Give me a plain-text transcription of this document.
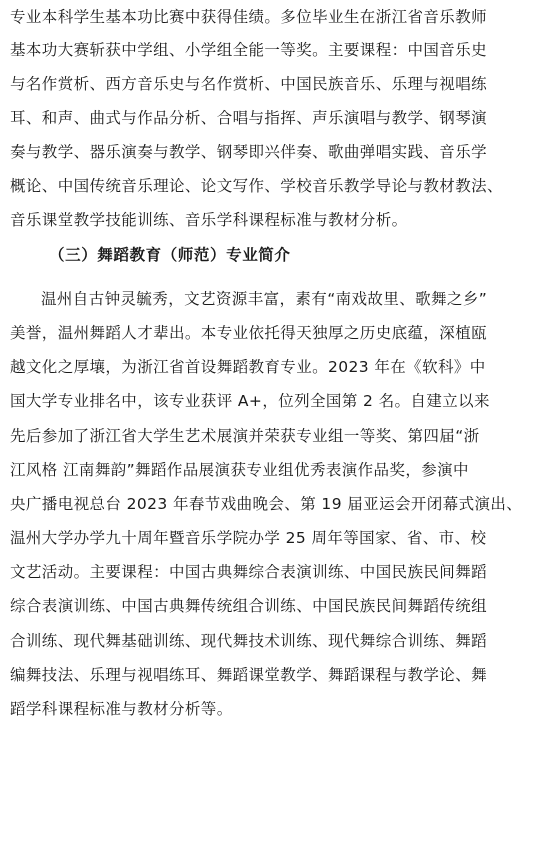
专业本科学生基本功比赛中获得佳绩。多位毕业生在浙江省音乐教师
基本功大赛斩获中学组、小学组全能一等奖。主要课程：中国音乐史
与名作赏析、西方音乐史与名作赏析、中国民族音乐、乐理与视唱练
耳、和声、曲式与作品分析、合唱与指挥、声乐演唱与教学、钢琴演
奏与教学、器乐演奏与教学、钢琴即兴伴奏、歌曲弹唱实践、音乐学
概论、中国传统音乐理论、论文写作、学校音乐教学导论与教材教法、
音乐课堂教学技能训练、音乐学科课程标准与教材分析。
（三）舞蹈教育（师范）专业简介
温州自古钟灵毓秀，文艺资源丰富，素有“南戏故里、歌舞之乡”
美誉，温州舞蹈人才辈出。本专业依托得天独厚之历史底蕴，深植瓯
越文化之厚壤，为浙江省首设舞蹈教育专业。2023 年在《软科》中
国大学专业排名中，该专业获评 A+，位列全国第 2 名。自建立以来
先后参加了浙江省大学生艺术展演并荣获专业组一等奖、第四届“浙
江风格 江南舞韵”舞蹈作品展演获专业组优秀表演作品奖，参演中
央广播电视总台 2023 年春节戏曲晚会、第 19 届亚运会开闭幕式演出、
温州大学办学九十周年暨音乐学院办学 25 周年等国家、省、市、校
文艺活动。主要课程：中国古典舞综合表演训练、中国民族民间舞蹈
综合表演训练、中国古典舞传统组合训练、中国民族民间舞蹈传统组
合训练、现代舞基础训练、现代舞技术训练、现代舞综合训练、舞蹈
编舞技法、乐理与视唱练耳、舞蹈课堂教学、舞蹈课程与教学论、舞
蹈学科课程标准与教材分析等。
